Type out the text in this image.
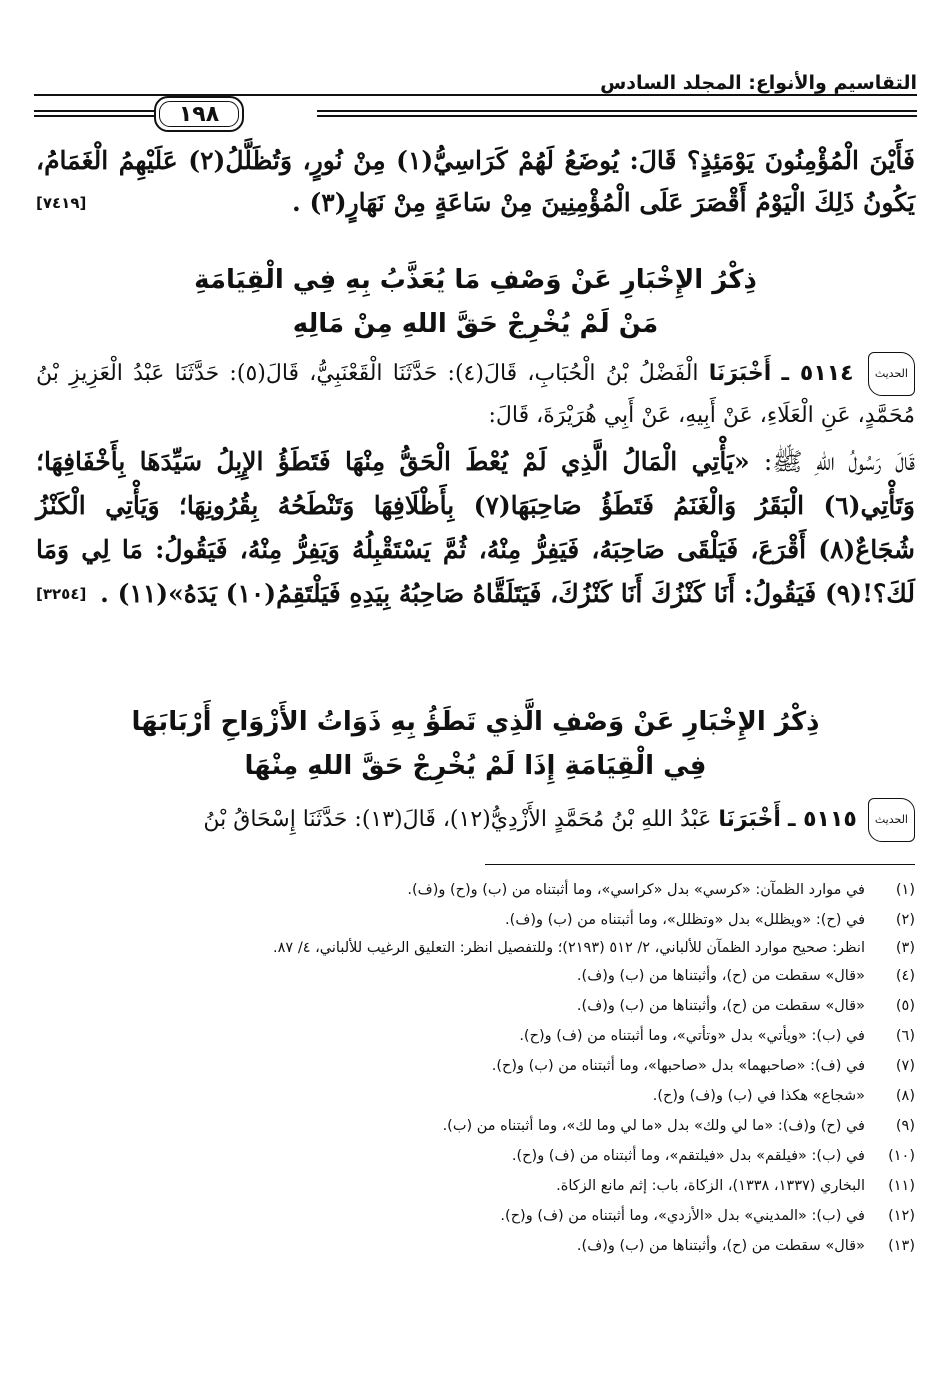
التقاسيم والأنواع: المجلد السادس
١٩٨
فَأَيْنَ الْمُؤْمِنُونَ يَوْمَئِذٍ؟ قَالَ: يُوضَعُ لَهُمْ كَرَاسِيُّ(١) مِنْ نُورٍ، وَتُظَلَّلُ(٢) عَلَيْهِمُ الْغَمَامُ، يَكُونُ ذَلِكَ الْيَوْمُ أَقْصَرَ عَلَى الْمُؤْمِنِينَ مِنْ سَاعَةٍ مِنْ نَهَارٍ(٣) .
[٧٤١٩]
ذِكْرُ الإِخْبَارِ عَنْ وَصْفِ مَا يُعَذَّبُ بِهِ فِي الْقِيَامَةِ
مَنْ لَمْ يُخْرِجْ حَقَّ اللهِ مِنْ مَالِهِ
الحديث ٥١١٤ ـ أَخْبَرَنَا الْفَضْلُ بْنُ الْحُبَابِ، قَالَ(٤): حَدَّثَنَا الْقَعْنَبِيُّ، قَالَ(٥): حَدَّثَنَا عَبْدُ الْعَزِيزِ بْنُ مُحَمَّدٍ، عَنِ الْعَلَاءِ، عَنْ أَبِيهِ، عَنْ أَبِي هُرَيْرَةَ، قَالَ:
قَالَ رَسُولُ اللهِ ﷺ: «يَأْتِي الْمَالُ الَّذِي لَمْ يُعْطَ الْحَقُّ مِنْهَا فَتَطَؤُ الإِبِلُ سَيِّدَهَا بِأَخْفَافِهَا؛ وَتَأْتِي(٦) الْبَقَرُ وَالْغَنَمُ فَتَطَؤُ صَاحِبَهَا(٧) بِأَظْلَافِهَا وَتَنْطَحُهُ بِقُرُونِهَا؛ وَيَأْتِي الْكَنْزُ شُجَاعٌ(٨) أَقْرَعَ، فَيَلْقَى صَاحِبَهُ، فَيَفِرُّ مِنْهُ، ثُمَّ يَسْتَقْبِلُهُ وَيَفِرُّ مِنْهُ، فَيَقُولُ: مَا لِي وَمَا لَكَ؟!(٩) فَيَقُولُ: أَنَا كَنْزُكَ أَنَا كَنْزُكَ، فَيَتَلَقَّاهُ صَاحِبُهُ بِيَدِهِ فَيَلْتَقِمُ(١٠) يَدَهُ»(١١) .
[٣٢٥٤]
ذِكْرُ الإِخْبَارِ عَنْ وَصْفِ الَّذِي تَطَؤُ بِهِ ذَوَاتُ الأَزْوَاحِ أَرْبَابَهَا
فِي الْقِيَامَةِ إِذَا لَمْ يُخْرِجْ حَقَّ اللهِ مِنْهَا
الحديث ٥١١٥ ـ أَخْبَرَنَا عَبْدُ اللهِ بْنُ مُحَمَّدٍ الأَزْدِيُّ(١٢)، قَالَ(١٣): حَدَّثَنَا إِسْحَاقُ بْنُ
(١)
في موارد الظمآن: «كرسي» بدل «كراسي»، وما أثبتناه من (ب) و(ح) و(ف).
(٢)
في (ح): «ويظلل» بدل «وتظلل»، وما أثبتناه من (ب) و(ف).
(٣)
انظر: صحيح موارد الظمآن للألباني، ٢/ ٥١٢ (٢١٩٣)؛ وللتفصيل انظر: التعليق الرغيب للألباني، ٤/ ٨٧.
(٤)
«قال» سقطت من (ح)، وأثبتناها من (ب) و(ف).
(٥)
«قال» سقطت من (ح)، وأثبتناها من (ب) و(ف).
(٦)
في (ب): «ويأتي» بدل «وتأتي»، وما أثبتناه من (ف) و(ح).
(٧)
في (ف): «صاحبهما» بدل «صاحبها»، وما أثبتناه من (ب) و(ح).
(٨)
«شجاع» هكذا في (ب) و(ف) و(ح).
(٩)
في (ح) و(ف): «ما لي ولك» بدل «ما لي وما لك»، وما أثبتناه من (ب).
(١٠)
في (ب): «فيلقم» بدل «فيلتقم»، وما أثبتناه من (ف) و(ح).
(١١)
البخاري (١٣٣٧، ١٣٣٨)، الزكاة، باب: إثم مانع الزكاة.
(١٢)
في (ب): «المديني» بدل «الأزدي»، وما أثبتناه من (ف) و(ح).
(١٣)
«قال» سقطت من (ح)، وأثبتناها من (ب) و(ف).
